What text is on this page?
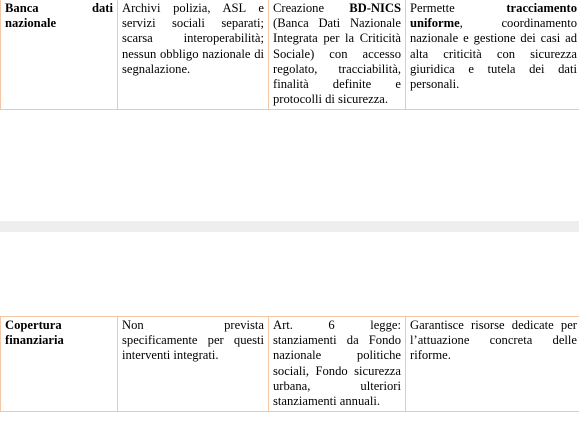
Banca dati nazionale	Archivi polizia, ASL e servizi sociali separati; scarsa interoperabilità; nessun obbligo nazionale di segnalazione.	Creazione BD-NICS (Banca Dati Nazionale Integrata per la Criticità Sociale) con accesso regolato, tracciabilità, finalità definite e protocolli di sicurezza.	Permette tracciamento uniforme, coordinamento nazionale e gestione dei casi ad alta criticità con sicurezza giuridica e tutela dei dati personali.
Copertura finanziaria	Non prevista specificamente per questi interventi integrati.	Art. 6 legge: stanziamenti da Fondo nazionale politiche sociali, Fondo sicurezza urbana, ulteriori stanziamenti annuali.	Garantisce risorse dedicate per l’attuazione concreta delle riforme.
